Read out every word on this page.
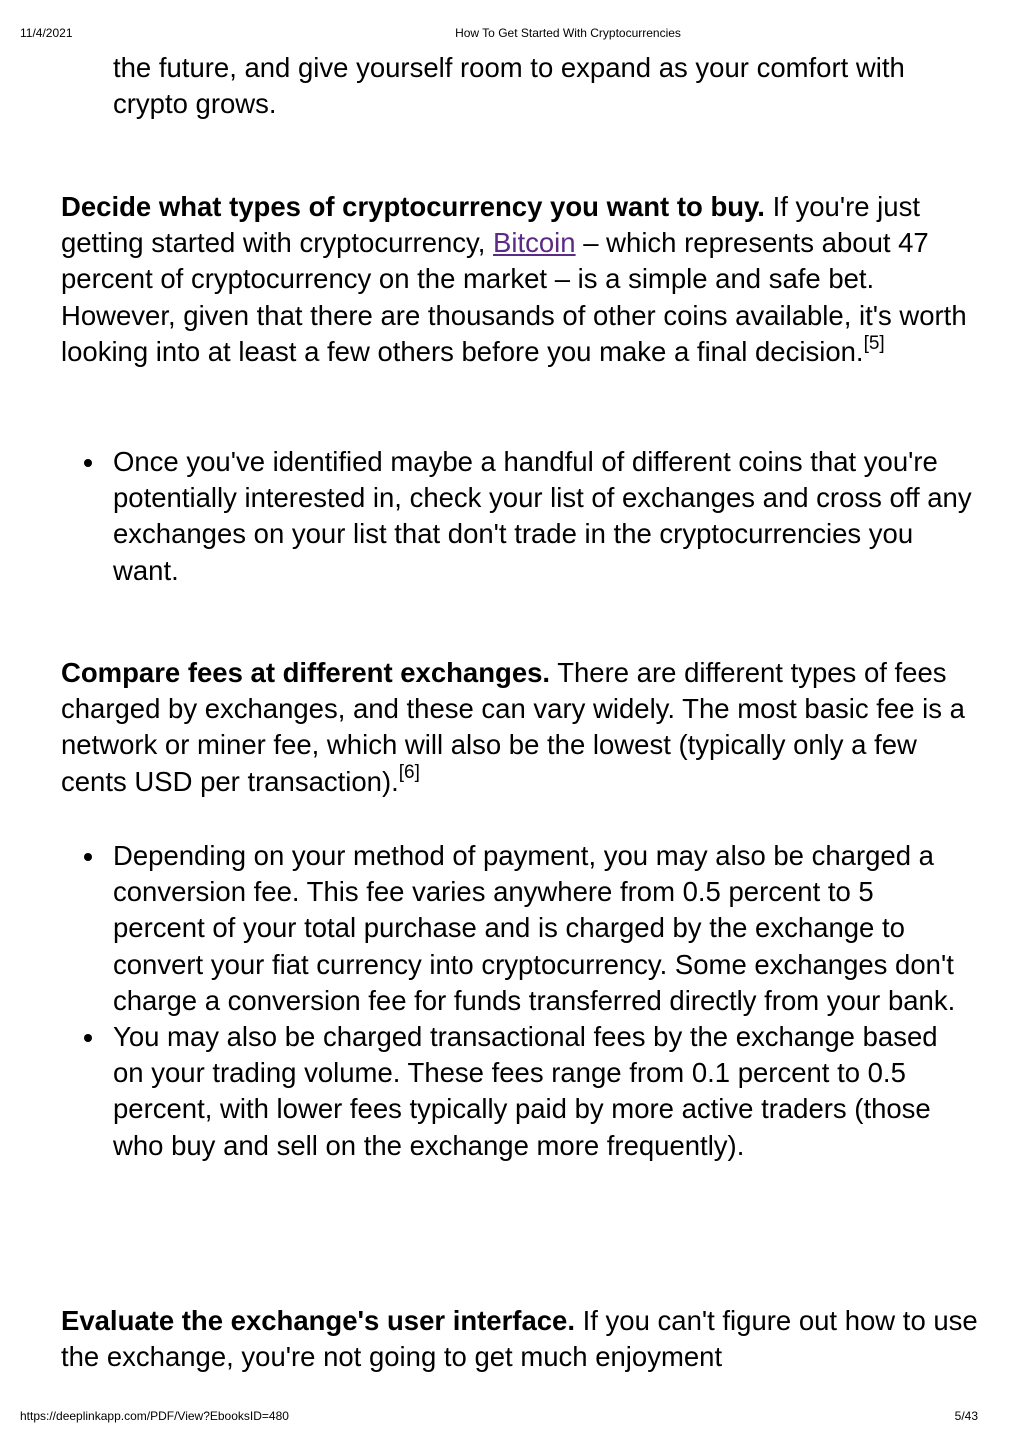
11/4/2021	How To Get Started With Cryptocurrencies
the future, and give yourself room to expand as your comfort with crypto grows.
Decide what types of cryptocurrency you want to buy. If you're just getting started with cryptocurrency, Bitcoin – which represents about 47 percent of cryptocurrency on the market – is a simple and safe bet. However, given that there are thousands of other coins available, it's worth looking into at least a few others before you make a final decision.[5]
Once you've identified maybe a handful of different coins that you're potentially interested in, check your list of exchanges and cross off any exchanges on your list that don't trade in the cryptocurrencies you want.
Compare fees at different exchanges. There are different types of fees charged by exchanges, and these can vary widely. The most basic fee is a network or miner fee, which will also be the lowest (typically only a few cents USD per transaction).[6]
Depending on your method of payment, you may also be charged a conversion fee. This fee varies anywhere from 0.5 percent to 5 percent of your total purchase and is charged by the exchange to convert your fiat currency into cryptocurrency. Some exchanges don't charge a conversion fee for funds transferred directly from your bank.
You may also be charged transactional fees by the exchange based on your trading volume. These fees range from 0.1 percent to 0.5 percent, with lower fees typically paid by more active traders (those who buy and sell on the exchange more frequently).
Evaluate the exchange's user interface. If you can't figure out how to use the exchange, you're not going to get much enjoyment
https://deeplinkapp.com/PDF/View?EbooksID=480	5/43
